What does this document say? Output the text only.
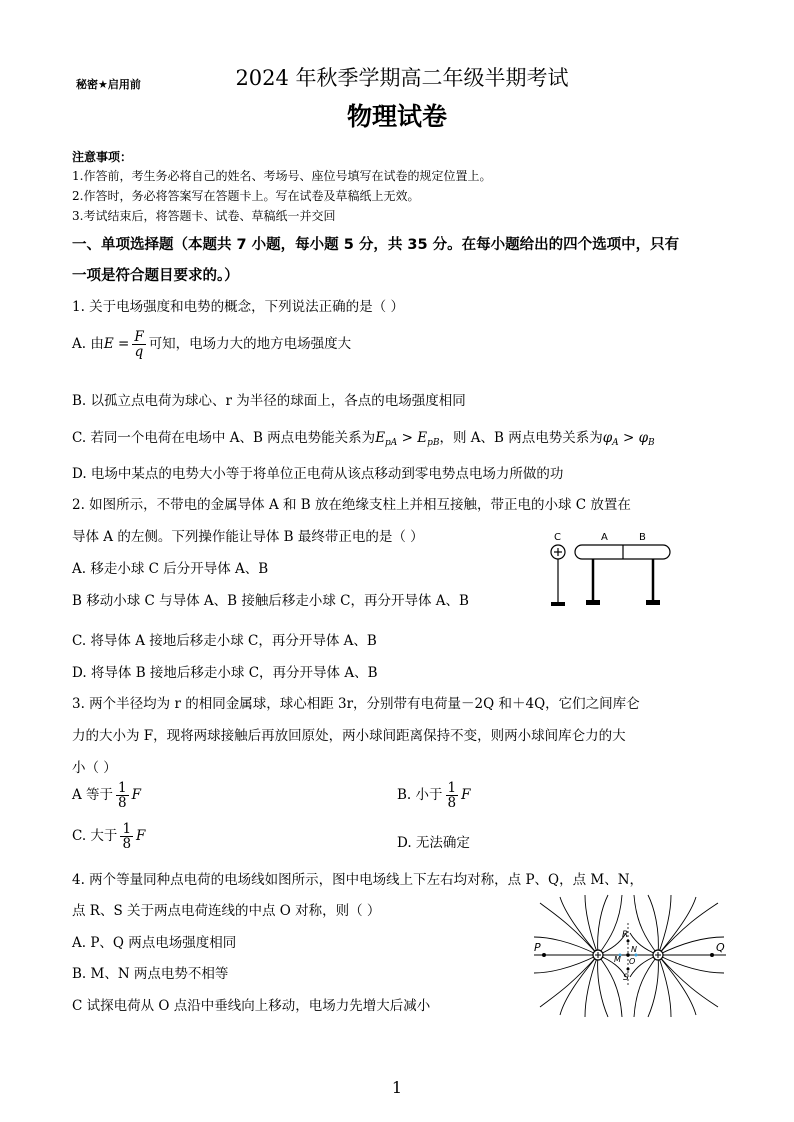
秘密★启用前	2024 年秋季学期高二年级半期考试
物理试卷
注意事项：
1.作答前，考生务必将自己的姓名、考场号、座位号填写在试卷的规定位置上。
2.作答时，务必将答案写在答题卡上。写在试卷及草稿纸上无效。
3.考试结束后，将答题卡、试卷、草稿纸一并交回
一、单项选择题（本题共 7 小题，每小题 5 分，共 35 分。在每小题给出的四个选项中，只有
一项是符合题目要求的。）
1. 关于电场强度和电势的概念，下列说法正确的是（ ）
A. 由$E = \frac{F}{q}$ 可知，电场力大的地方电场强度大
B. 以孤立点电荷为球心、r 为半径的球面上，各点的电场强度相同
C. 若同一个电荷在电场中 A、B 两点电势能关系为$E_{pA} > E_{pB}$，则 A、B 两点电势关系为$\varphi_A > \varphi_B$
D. 电场中某点的电势大小等于将单位正电荷从该点移动到零电势点电场力所做的功
2. 如图所示，不带电的金属导体 A 和 B 放在绝缘支柱上并相互接触，带正电的小球 C 放置在
导体 A 的左侧。下列操作能让导体 B 最终带正电的是（ ）
A. 移走小球 C 后分开导体 A、B
B 移动小球 C 与导体 A、B 接触后移走小球 C，再分开导体 A、B
C. 将导体 A 接地后移走小球 C，再分开导体 A、B
D. 将导体 B 接地后移走小球 C，再分开导体 A、B
C	A	B
3. 两个半径均为 r 的相同金属球，球心相距 3r，分别带有电荷量－2Q 和＋4Q，它们之间库仑
力的大小为 F，现将两球接触后再放回原处，两小球间距离保持不变，则两小球间库仑力的大
小（ ）
A 等于 $\frac{1}{8}$ F	B. 小于 $\frac{1}{8}$ F
C. 大于 $\frac{1}{8}$ F	D. 无法确定
4. 两个等量同种点电荷的电场线如图所示，图中电场线上下左右均对称，点 P、Q，点 M、N，
点 R、S 关于两点电荷连线的中点 O 对称，则（ ）
A. P、Q 两点电场强度相同
B. M、N 两点电势不相等
C 试探电荷从 O 点沿中垂线向上移动，电场力先增大后减小
P	Q
R
S
M
N
O
1
